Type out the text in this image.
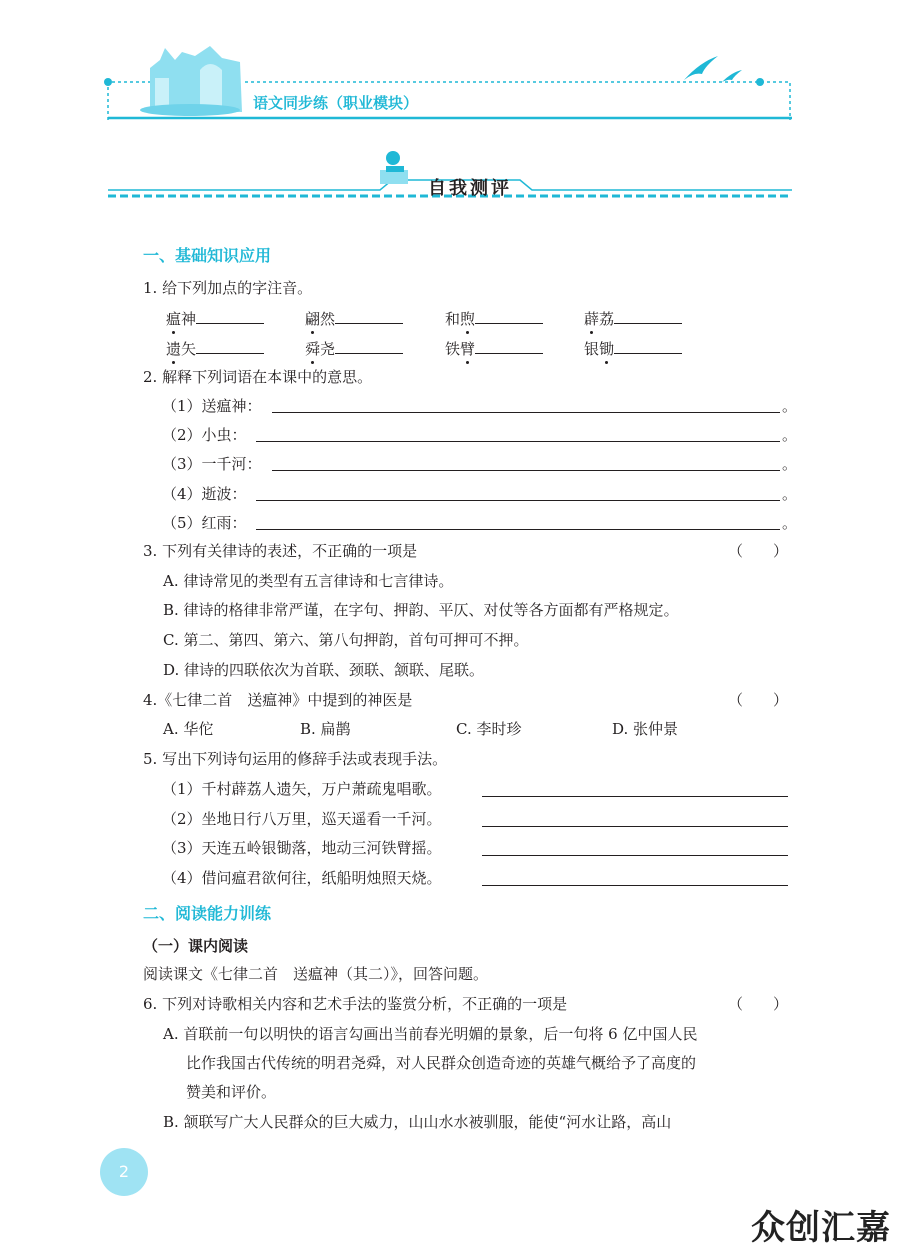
语文同步练（职业模块）
自我测评
一、基础知识应用
1. 给下列加点的字注音。
瘟神	翩然	和煦	薜荔
遗矢	舜尧	铁臂	银锄
2. 解释下列词语在本课中的意思。
（1）送瘟神：	。
（2）小虫：	。
（3）一千河：	。
（4）逝波：	。
（5）红雨：	。
3. 下列有关律诗的表述，不正确的一项是	（　　）
A. 律诗常见的类型有五言律诗和七言律诗。
B. 律诗的格律非常严谨，在字句、押韵、平仄、对仗等各方面都有严格规定。
C. 第二、第四、第六、第八句押韵，首句可押可不押。
D. 律诗的四联依次为首联、颈联、颔联、尾联。
4.《七律二首　送瘟神》中提到的神医是	（　　）
A. 华佗	B. 扁鹊	C. 李时珍	D. 张仲景
5. 写出下列诗句运用的修辞手法或表现手法。
（1）千村薜荔人遗矢，万户萧疏鬼唱歌。
（2）坐地日行八万里，巡天遥看一千河。
（3）天连五岭银锄落，地动三河铁臂摇。
（4）借问瘟君欲何往，纸船明烛照天烧。
二、阅读能力训练
（一）课内阅读
阅读课文《七律二首　送瘟神（其二）》，回答问题。
6. 下列对诗歌相关内容和艺术手法的鉴赏分析，不正确的一项是	（　　）
A. 首联前一句以明快的语言勾画出当前春光明媚的景象，后一句将 6 亿中国人民
比作我国古代传统的明君尧舜，对人民群众创造奇迹的英雄气概给予了高度的
赞美和评价。
B. 颔联写广大人民群众的巨大威力，山山水水被驯服，能使“河水让路，高山
2
众创汇嘉
